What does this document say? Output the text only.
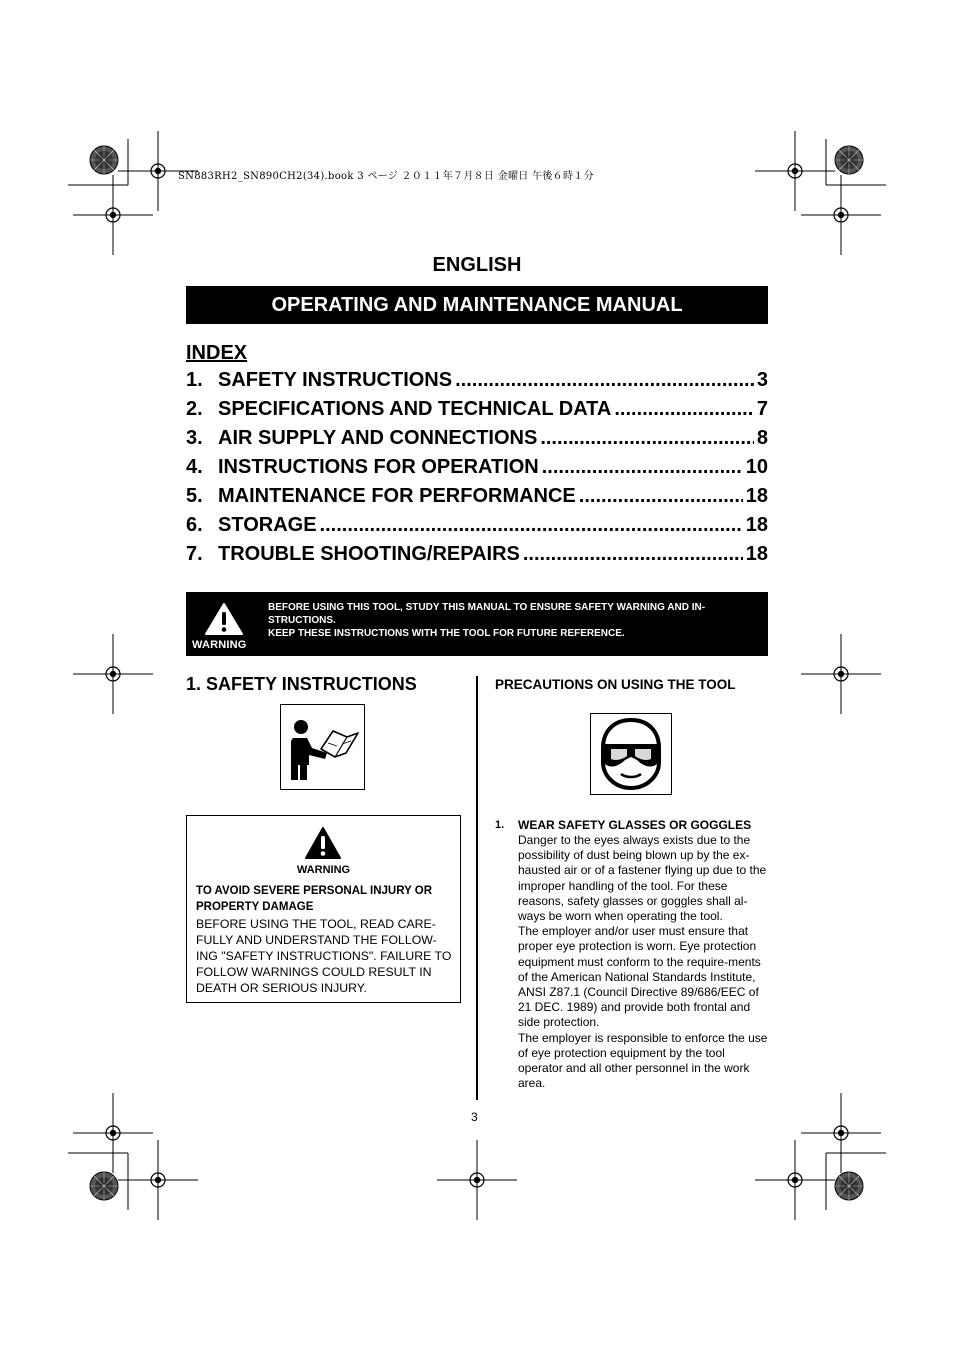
SN883RH2_SN890CH2(34).book 3 ページ ２０１１年７月８日 金曜日 午後６時１分
ENGLISH
OPERATING AND MAINTENANCE MANUAL
INDEX
1. SAFETY INSTRUCTIONS .....	3
2. SPECIFICATIONS AND TECHNICAL DATA .....	7
3. AIR SUPPLY AND CONNECTIONS .....	8
4. INSTRUCTIONS FOR OPERATION .....	10
5. MAINTENANCE FOR PERFORMANCE .....	18
6. STORAGE .....	18
7. TROUBLE SHOOTING/REPAIRS .....	18
WARNING
BEFORE USING THIS TOOL, STUDY THIS MANUAL TO ENSURE SAFETY WARNING AND IN-STRUCTIONS.
KEEP THESE INSTRUCTIONS WITH THE TOOL FOR FUTURE REFERENCE.
1. SAFETY INSTRUCTIONS
WARNING
TO AVOID SEVERE PERSONAL INJURY OR PROPERTY DAMAGE
BEFORE USING THE TOOL, READ CARE-FULLY AND UNDERSTAND THE FOLLOW-ING "SAFETY INSTRUCTIONS". FAILURE TO FOLLOW WARNINGS COULD RESULT IN DEATH OR SERIOUS INJURY.
PRECAUTIONS ON USING THE TOOL
1. WEAR SAFETY GLASSES OR GOGGLES
Danger to the eyes always exists due to the possibility of dust being blown up by the ex-hausted air or of a fastener flying up due to the improper handling of the tool. For these reasons, safety glasses or goggles shall al-ways be worn when operating the tool.
The employer and/or user must ensure that proper eye protection is worn. Eye protection equipment must conform to the require-ments of the American National Standards Institute, ANSI Z87.1 (Council Directive 89/686/EEC of 21 DEC. 1989) and provide both frontal and side protection.
The employer is responsible to enforce the use of eye protection equipment by the tool operator and all other personnel in the work area.
3
